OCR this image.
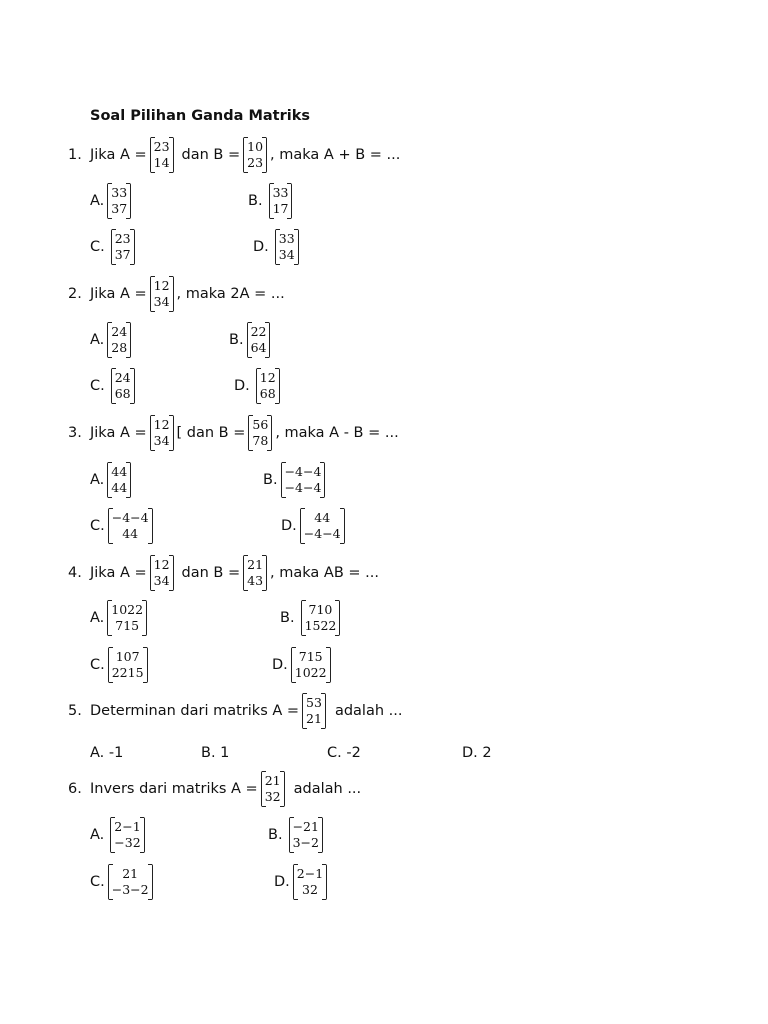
Soal Pilihan Ganda Matriks
1. Jika A =
23
14 dan B =
10
23 , maka A + B = ...
A.
33
37	B.
33
17
C.
23
37	D.
33
34
2. Jika A =
12
34 , maka 2A = ...
A.
24
28	B.
22
64
C.
24
68	D.
12
68
3. Jika A =
12
34 [ dan B =
56
78 , maka A - B = ...
A.
44
44	B.
−4−4
−4−4
C.
−4−4
44	D.
44
−4−4
4. Jika A =
12
34 dan B =
21
43 , maka AB = ...
A.
1022
715	B.
710
1522
C.
107
2215	D.
715
1022
5. Determinan dari matriks A =
53
21 adalah ...
A. -1	B. 1	C. -2	D. 2
6. Invers dari matriks A =
21
32 adalah ...
A.
2−1
−32	B.
−21
3−2
C.
21
−3−2	D.
2−1
32
